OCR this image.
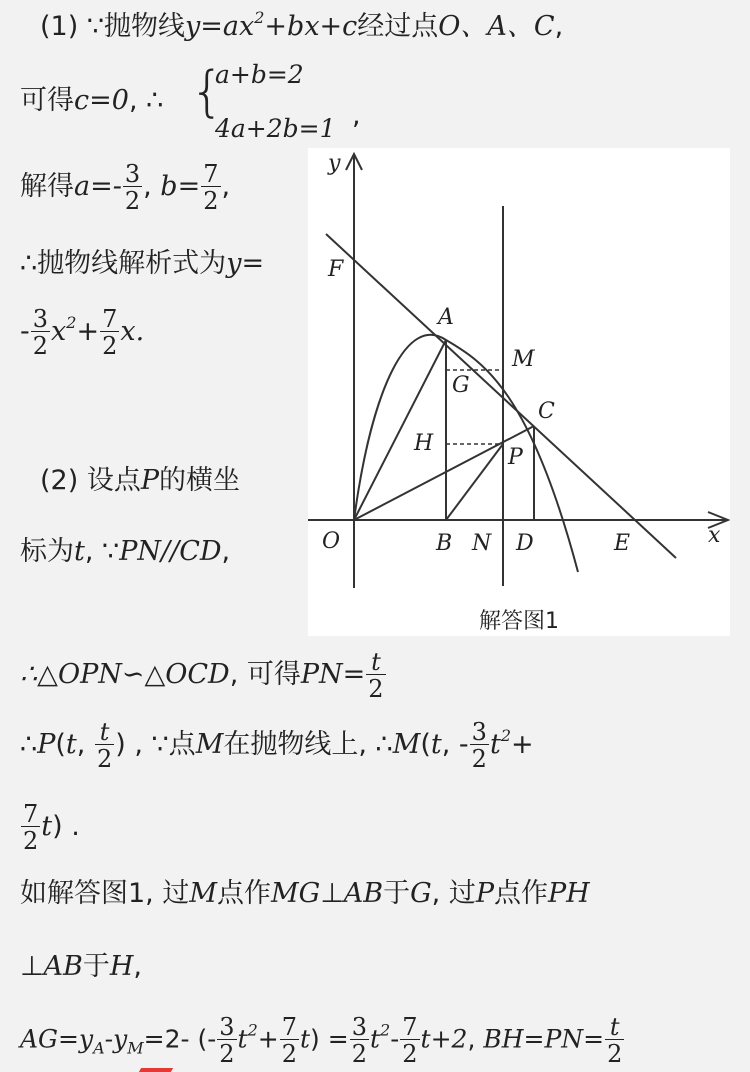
(1) ∵抛物线$y=ax^2+bx+c$经过点O、A、C,
可得c=0, ∴ {
a+b=2
4a+2b=1 ,
解得$a=- \frac{3}{2}$ , $b= \frac{7}{2}$ ,
∴抛物线解析式为y=
- $\frac{3}{2} x^2+ \frac{7}{2} x$.
(2) 设点P的横坐
标为t, ∵PN//CD,
y
x
F
A
M
G
C
H
P
O	B N D	E
解答图1
∴△OPN∽△OCD, 可得$PN= \frac{t}{2}$
∴P(t, $\frac{t}{2}$ ) , ∵点M在抛物线上, ∴M(t, - $\frac{3}{2} t^2+$
$\frac{7}{2} t$) .
如解答图1, 过M点作MG⊥AB于G, 过P点作PH
⊥AB于H,
$AG=y_A-y_M=2-$ (- $\frac{3}{2} t^2+ \frac{7}{2} t) = \frac{3}{2} t^2- \frac{7}{2} t+2$, $BH=PN= \frac{t}{2}$
